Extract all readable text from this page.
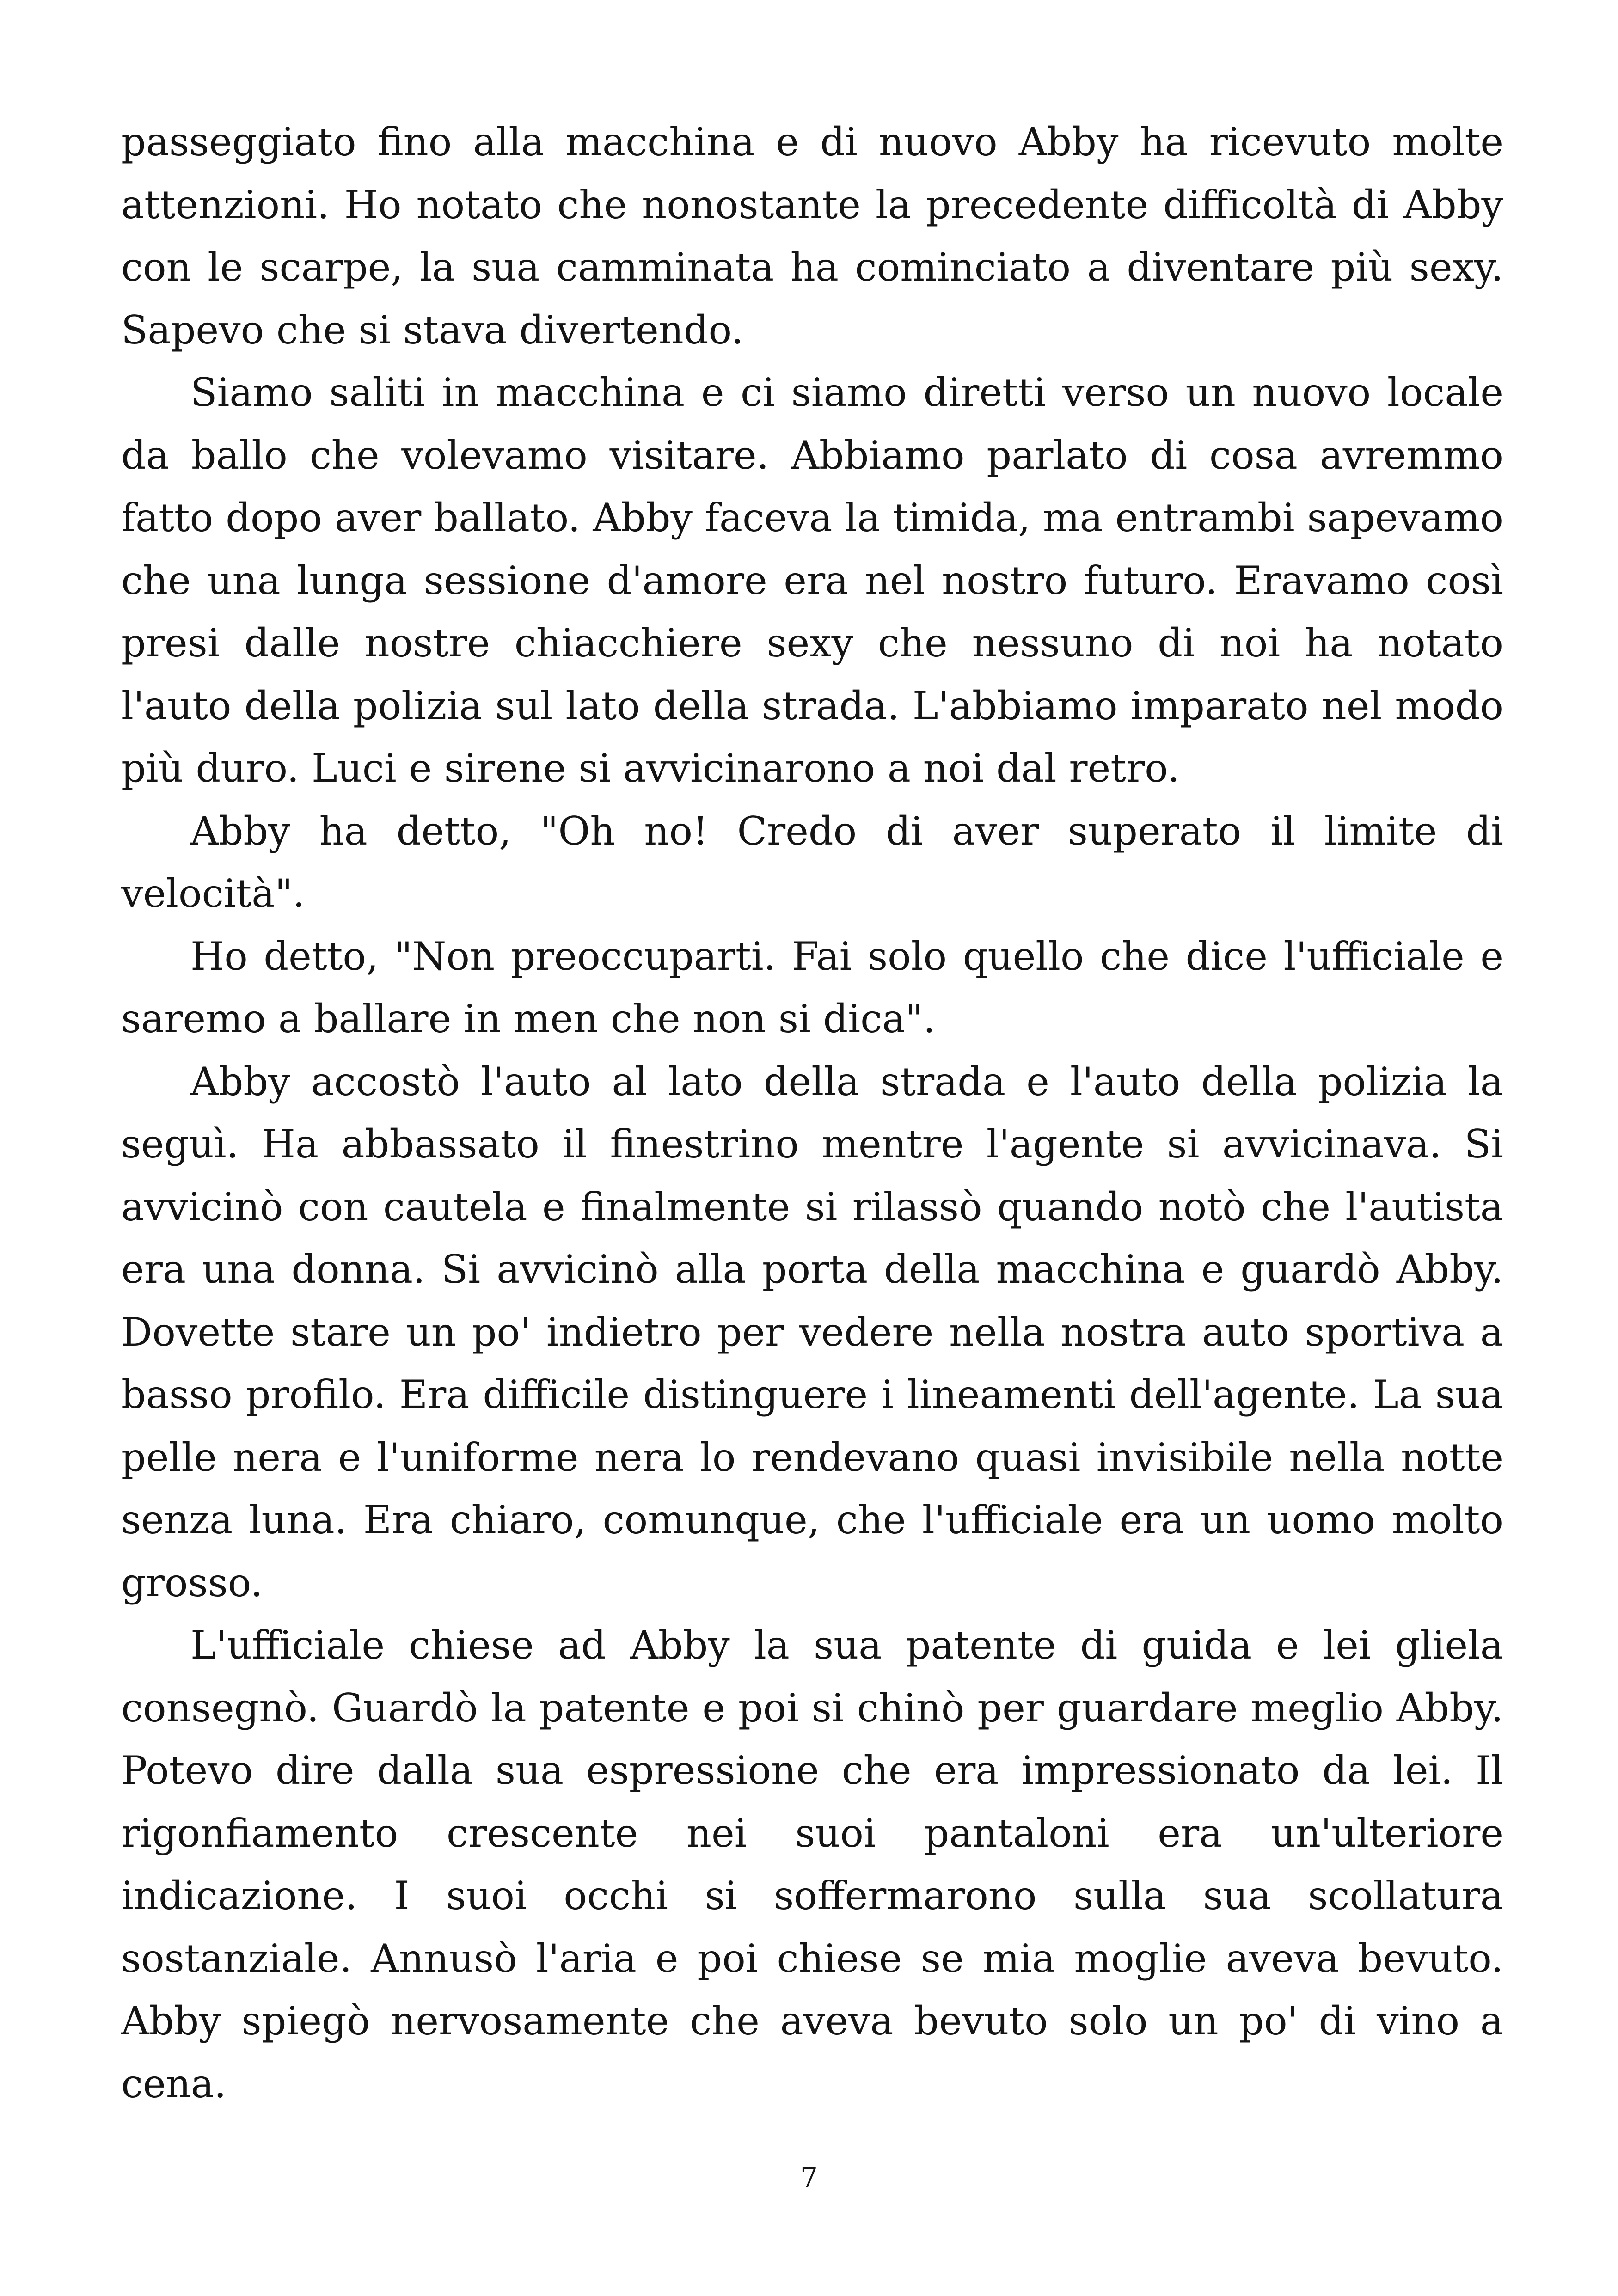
passeggiato fino alla macchina e di nuovo Abby ha ricevuto molte attenzioni. Ho notato che nonostante la precedente difficoltà di Abby con le scarpe, la sua camminata ha cominciato a diventare più sexy. Sapevo che si stava divertendo.

Siamo saliti in macchina e ci siamo diretti verso un nuovo locale da ballo che volevamo visitare. Abbiamo parlato di cosa avremmo fatto dopo aver ballato. Abby faceva la timida, ma entrambi sapevamo che una lunga sessione d'amore era nel nostro futuro. Eravamo così presi dalle nostre chiacchiere sexy che nessuno di noi ha notato l'auto della polizia sul lato della strada. L'abbiamo imparato nel modo più duro. Luci e sirene si avvicinarono a noi dal retro.

Abby ha detto, "Oh no! Credo di aver superato il limite di velocità".

Ho detto, "Non preoccuparti. Fai solo quello che dice l'ufficiale e saremo a ballare in men che non si dica".

Abby accostò l'auto al lato della strada e l'auto della polizia la seguì. Ha abbassato il finestrino mentre l'agente si avvicinava. Si avvicinò con cautela e finalmente si rilassò quando notò che l'autista era una donna. Si avvicinò alla porta della macchina e guardò Abby. Dovette stare un po' indietro per vedere nella nostra auto sportiva a basso profilo. Era difficile distinguere i lineamenti dell'agente. La sua pelle nera e l'uniforme nera lo rendevano quasi invisibile nella notte senza luna. Era chiaro, comunque, che l'ufficiale era un uomo molto grosso.

L'ufficiale chiese ad Abby la sua patente di guida e lei gliela consegnò. Guardò la patente e poi si chinò per guardare meglio Abby. Potevo dire dalla sua espressione che era impressionato da lei. Il rigonfiamento crescente nei suoi pantaloni era un'ulteriore indicazione. I suoi occhi si soffermarono sulla sua scollatura sostanziale. Annusò l'aria e poi chiese se mia moglie aveva bevuto. Abby spiegò nervosamente che aveva bevuto solo un po' di vino a cena.

7
